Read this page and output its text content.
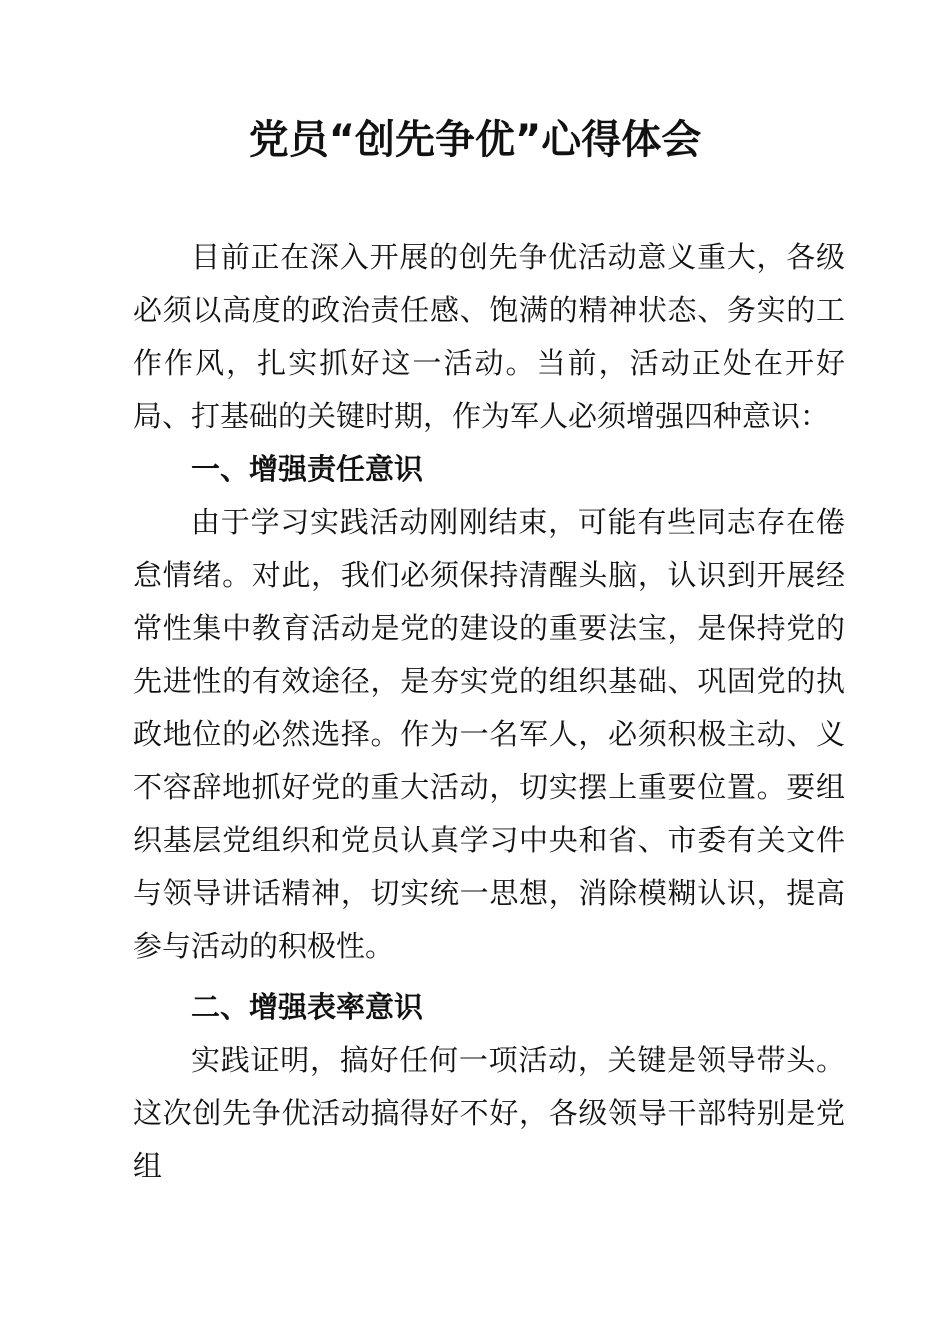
党员“创先争优”心得体会

目前正在深入开展的创先争优活动意义重大，各级必须以高度的政治责任感、饱满的精神状态、务实的工作作风，扎实抓好这一活动。当前，活动正处在开好局、打基础的关键时期，作为军人必须增强四种意识：

一、增强责任意识

由于学习实践活动刚刚结束，可能有些同志存在倦怠情绪。对此，我们必须保持清醒头脑，认识到开展经常性集中教育活动是党的建设的重要法宝，是保持党的先进性的有效途径，是夯实党的组织基础、巩固党的执政地位的必然选择。作为一名军人，必须积极主动、义不容辞地抓好党的重大活动，切实摆上重要位置。要组织基层党组织和党员认真学习中央和省、市委有关文件与领导讲话精神，切实统一思想，消除模糊认识，提高参与活动的积极性。

二、增强表率意识

实践证明，搞好任何一项活动，关键是领导带头。这次创先争优活动搞得好不好，各级领导干部特别是党组
